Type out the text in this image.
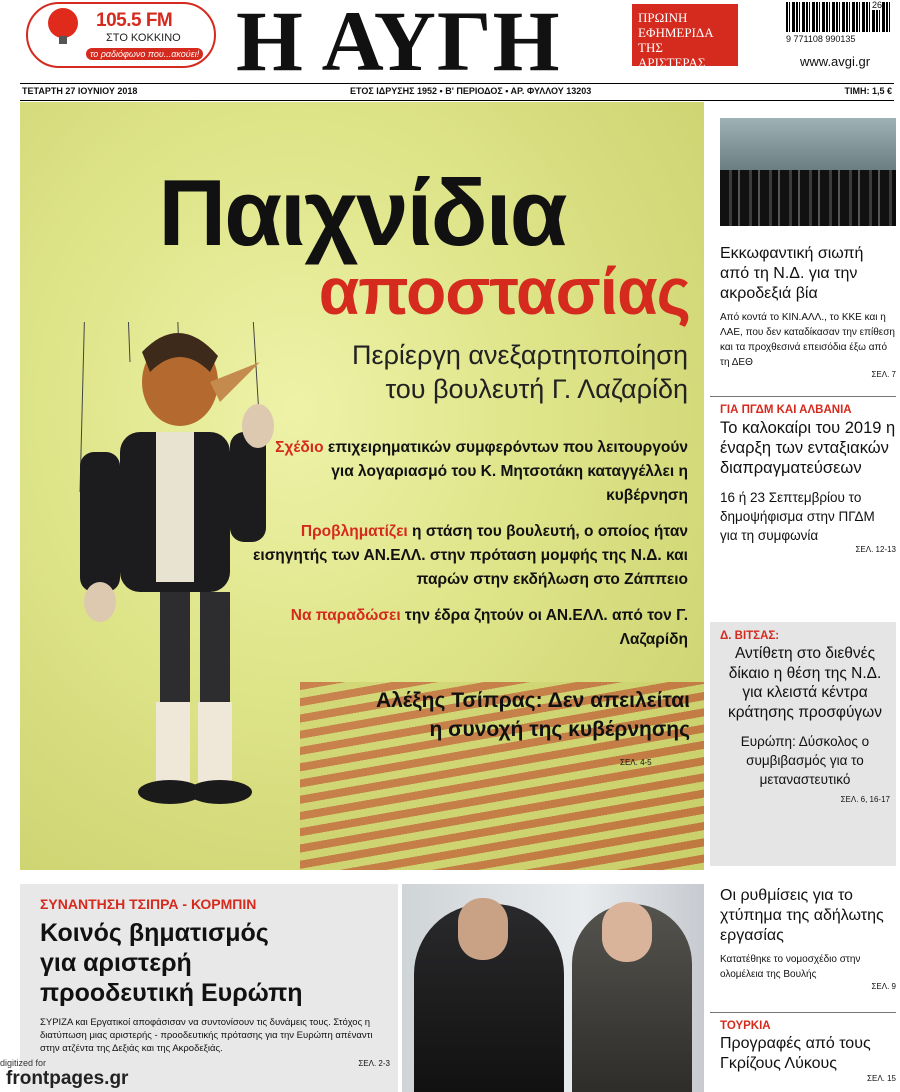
105.5 FM
ΣΤΟ ΚΟΚΚΙΝΟ
το ραδιόφωνο που...ακούει! Η ΑΥΓΗ	ΠΡΩΙΝΗ
ΕΦΗΜΕΡΙΔΑ
ΤΗΣ ΑΡΙΣΤΕΡΑΣ
26
9 771108 990135
www.avgi.gr
ΤΕΤΑΡΤΗ 27 ΙΟΥΝΙΟΥ 2018	ΕΤΟΣ ΙΔΡΥΣΗΣ 1952 • Β' ΠΕΡΙΟΔΟΣ • ΑΡ. ΦΥΛΛΟΥ 13203	ΤΙΜΗ: 1,5 €
Παιχνίδια
αποστασίας
Περίεργη ανεξαρτητοποίηση
του βουλευτή Γ. Λαζαρίδη

Σχέδιο επιχειρηματικών συμφερόντων που λειτουργούν για λογαριασμό του Κ. Μητσοτάκη καταγγέλλει η κυβέρνηση

Προβληματίζει η στάση του βουλευτή, ο οποίος ήταν εισηγητής των ΑΝ.ΕΛΛ. στην πρόταση μομφής της Ν.Δ. και παρών στην εκδήλωση στο Ζάππειο

Να παραδώσει την έδρα ζητούν οι ΑΝ.ΕΛΛ. από τον Γ. Λαζαρίδη

Αλέξης Τσίπρας: Δεν απειλείται
η συνοχή της κυβέρνησης
ΣΕΛ. 4-5
Εκκωφαντική σιωπή από τη Ν.Δ. για την ακροδεξιά βία
Από κοντά το ΚΙΝ.ΑΛΛ., το ΚΚΕ και η ΛΑΕ, που δεν καταδίκασαν την επίθεση και τα προχθεσινά επεισόδια έξω από τη ΔΕΘ
ΣΕΛ. 7
ΓΙΑ ΠΓΔΜ ΚΑΙ ΑΛΒΑΝΙΑ
Το καλοκαίρι του 2019 η έναρξη των ενταξιακών διαπραγματεύσεων
16 ή 23 Σεπτεμβρίου το δημοψήφισμα στην ΠΓΔΜ για τη συμφωνία
ΣΕΛ. 12-13
Δ. ΒΙΤΣΑΣ:
Αντίθετη στο διεθνές δίκαιο η θέση της Ν.Δ. για κλειστά κέντρα κράτησης προσφύγων
Ευρώπη: Δύσκολος ο συμβιβασμός για το μεταναστευτικό
ΣΕΛ. 6, 16-17
Οι ρυθμίσεις για το χτύπημα της αδήλωτης εργασίας
Κατατέθηκε το νομοσχέδιο στην ολομέλεια της Βουλής
ΣΕΛ. 9
ΤΟΥΡΚΙΑ
Προγραφές από τους Γκρίζους Λύκους
ΣΕΛ. 15
ΣΥΝΑΝΤΗΣΗ ΤΣΙΠΡΑ - ΚΟΡΜΠΙΝ
Κοινός βηματισμός
για αριστερή
προοδευτική Ευρώπη
ΣΥΡΙΖΑ και Εργατικοί αποφάσισαν να συντονίσουν τις δυνάμεις τους. Στόχος η διατύπωση μιας αριστερής - προοδευτικής πρότασης για την Ευρώπη απέναντι στην ατζέντα της Δεξιάς και της Ακροδεξιάς.
ΣΕΛ. 2-3
digitized for
frontpages.gr
